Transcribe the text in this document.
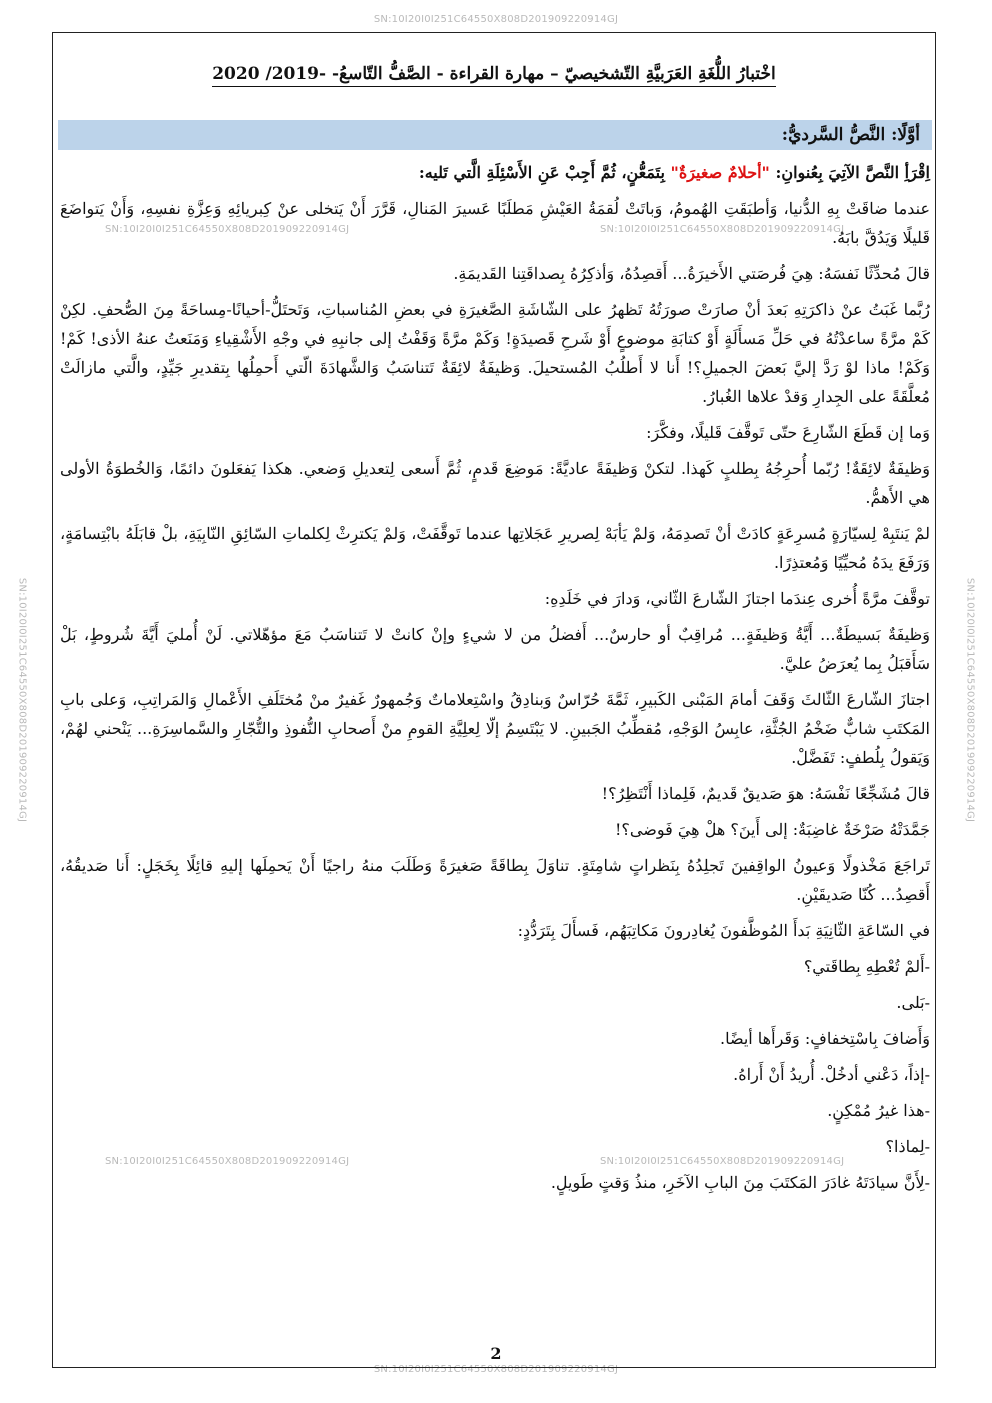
SN:10I20I0I251C64550X808D201909220914GJ
SN:10I20I0I251C64550X808D201909220914GJ
SN:10I20I0I251C64550X808D201909220914GJ	SN:10I20I0I251C64550X808D201909220914GJ
SN:10I20I0I251C64550X808D201909220914GJ	SN:10I20I0I251C64550X808D201909220914GJ
SN:10I20I0I251C64550X808D201909220914GJ	SN:10I20I0I251C64550X808D201909220914GJ
اخْتبارُ اللُّغَةِ العَرَبيَّةِ التّشخيصيّ – مهارة القراءة - الصَّفُّ التّاسعُ- -2019/ 2020
أوَّلًا: النَّصُّ السَّرديُّ:

اِقْرَأِ النَّصَّ الآتِيَ بِعُنوانِ: "أحلامٌ صغيرَةٌ" بِتَمَعُّنٍ، ثُمَّ أَجِبْ عَنِ الأَسْئِلَةِ الَّتي تَليه:

عندما ضاقَتْ بِهِ الدُّنيا، وَأطبَقَتِ الهُمومُ، وَباتَتْ لُقمَةُ العَيْشِ مَطلَبًا عَسيرَ المَنالِ، قَرَّرَ أَنْ يَتخلى عنْ كِبريائِهِ وَعِزَّةِ نفسِهِ، وَأَنْ يَتواضَعَ قَليلًا وَيَدُقَّ بابَهُ.

قالَ مُحدِّثًا نَفسَهُ: هِيَ فُرصَتي الأَخيرَةُ... أَقصِدُهُ، وَأذكِرُهُ بِصداقَتِنا القَديمَةِ.

رُبَّما غَبَتُ عنْ ذاكرَتِهِ بَعدَ أنْ صارَتْ صورَتُهُ تَظهرُ على الشّاشَةِ الصَّغيرَةِ في بعضِ المُناسباتِ، وَتَحتَلُّ-أحيانًا-مِساحَةً مِنَ الصُّحفِ. لكِنْ كَمْ مرَّةً ساعدْتُهُ في حَلِّ مَسأَلَةٍ أَوْ كتابَةِ موضوعٍ أَوْ شَرحِ قَصيدَةٍ! وَكَمْ مرَّةً وَقَفْتُ إلى جانبِهِ في وجْهِ الأَشْقِياءِ وَمَنَعتُ عنهُ الأذى! كَمْ! وَكَمْ! ماذا لوْ رَدَّ إليَّ بَعضَ الجميلِ؟! أَنا لا أَطلُبُ المُستحيلَ. وَظيفَةٌ لائِقَةٌ تَتناسَبُ وَالشَّهادَةَ الّتي أَحمِلُها بِتقديرِ جَيِّدٍ، والَّتي مازالَتْ مُعلَّقَةً على الجِدارِ وَقدْ علاها الغُبارُ.

وَما إن قَطَعَ الشّارِعَ حتّى تَوقَّفَ قَليلًا، وفكَّرَ:

وَظيفَةٌ لائِقَةٌ! رُبّما أُحرِجُهُ بِطلبٍ كَهذا. لتكنْ وَظيفَةً عاديَّةً: مَوضِعَ قَدمٍ، ثُمَّ أَسعى لِتعديلِ وَضعي. هكذا يَفعَلونَ دائمًا، وَالخُطوَةُ الأولى هي الأَهمُّ.

لمْ يَنتَبِهْ لِسيّارَةٍ مُسرِعَةٍ كادَتْ أنْ تَصدِمَهُ، وَلمْ يَأبَهْ لِصريرِ عَجَلاتِها عندما تَوقَّفَتْ، وَلمْ يَكترِثْ لِكلماتِ السّائِقِ النّابِيَةِ، بلْ قابَلَهُ بابْتِسامَةٍ، وَرَفَعَ يدَهُ مُحيِّيًا وَمُعتذِرًا.

توقَّفَ مرَّةً أُخرى عِندَما اجتازَ الشّارعَ الثّاني، وَدارَ في خَلَدِهِ:

وَظيفَةٌ بَسيطَةٌ... أَيَّةُ وَظيفَةٍ... مُراقِبٌ أو حارسٌ... أَفضلُ من لا شيءٍ وإنْ كانتْ لا تَتناسَبُ مَعَ مؤهّلاتي. لَنْ أُمليَ أَيَّةَ شُروطٍ، بَلْ سَأَقبَلُ بِما يُعرَضُ عليَّ.

اجتازَ الشّارعَ الثّالثَ وَقَفَ أمامَ المَبْنى الكَبيرِ، ثَمَّةَ حُرّاسٌ وَبنادِقُ واسْتِعلاماتٌ وَجُمهورٌ غَفيرٌ منْ مُختَلَفِ الأَعْمالِ وَالمَراتِبِ، وَعلى بابِ المَكتَبِ شابٌّ ضَخْمُ الجُثَّةِ، عابِسُ الوَجْهِ، مُقطِّبُ الجَبينِ. لا يَبْتَسِمُ إلّا لِعلِيَّةِ القومِ منْ أَصحابِ النُّفوذِ والتُّجّارِ والسَّماسِرَةِ... يَنْحني لهُمْ، وَيَقولُ بِلُطفٍ: تَفَضَّلْ.

قالَ مُشَجِّعًا نَفْسَهُ: هوَ صَديقٌ قَديمٌ، فَلِماذا أَنْتَظِرُ؟!

جَمَّدَتْهُ صَرْخَةٌ غاضِبَةٌ: إلى أَينَ؟ هلْ هِيَ فَوضى؟!

تَراجَعَ مَخْذولًا وَعيونُ الواقِفينَ تَجلِدُهُ بِنَظراتٍ شامِتَةٍ. تناوَلَ بِطاقَةً صَغيرَةً وَطَلَبَ منهُ راجيًا أَنْ يَحمِلَها إليهِ قائِلًا بِخَجَلٍ: أَنا صَديقُهُ، أَقصِدُ... كُنّا صَديقَيْنِ.

في السّاعَةِ الثّانِيَةِ بَدأَ المُوظَّفونَ يُغادِرونَ مَكاتِبَهُم، فَسأَلَ بِتَرَدُّدٍ:

-أَلمْ تُعْطِهِ بِطاقَتي؟

-بَلى.

وَأَضافَ بِاسْتِخفافٍ: وَقَرأَها أيضًا.

-إذاً، دَعْني أدخُلْ. أُريدُ أَنْ أَراهُ.

-هذا غيرُ مُمْكِنٍ.

-لِماذا؟

-لِأَنَّ سيادَتَهُ غادَرَ المَكتَبَ مِنَ البابِ الآخَرِ، منذُ وَقتٍ طَويلٍ.

2
